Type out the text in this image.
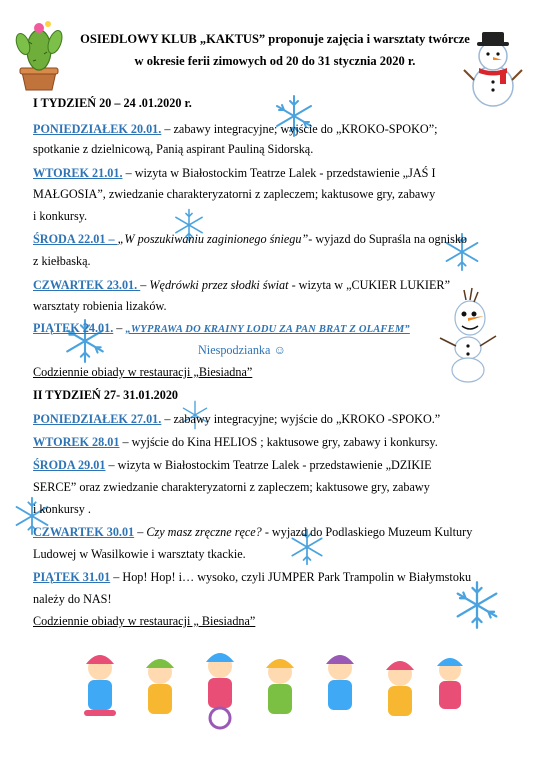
OSIEDLOWY KLUB „KAKTUS” proponuje zajęcia i warsztaty twórcze
w okresie ferii zimowych od 20 do 31 stycznia 2020 r.
I TYDZIEŃ 20 – 24 .01.2020 r.
PONIEDZIAŁEK 20.01. – zabawy integracyjne; wyjście do „KROKO-SPOKO”;
spotkanie z dzielnicową, Panią aspirant Pauliną Sidorską.
WTOREK 21.01. – wizyta w Białostockim Teatrze Lalek - przedstawienie „JAŚ I
MAŁGOSIA”, zwiedzanie charakteryzatorni z zapleczem; kaktusowe gry, zabawy
i konkursy.
ŚRODA 22.01 – „W poszukiwaniu zaginionego śniegu”- wyjazd do Supraśla na ognisko
z kiełbaską.
CZWARTEK 23.01. – Wędrówki przez słodki świat - wizyta w „CUKIER LUKIER”
warsztaty robienia lizaków.
PIĄTEK 24.01. – „WYPRAWA DO KRAINY LODU ZA PAN BRAT Z OLAFEM”
Niespodzianka ☺
Codziennie obiady w restauracji „Biesiadna”
II TYDZIEŃ 27- 31.01.2020
PONIEDZIAŁEK 27.01. – zabawy integracyjne; wyjście do „KROKO -SPOKO.”
WTOREK 28.01 – wyjście do Kina HELIOS ; kaktusowe gry, zabawy i konkursy.
ŚRODA 29.01 – wizyta w Białostockim Teatrze Lalek - przedstawienie „DZIKIE
SERCE” oraz zwiedzanie charakteryzatorni z zapleczem; kaktusowe gry, zabawy
i konkursy .
CZWARTEK 30.01 – Czy masz zręczne ręce? - wyjazd do Podlaskiego Muzeum Kultury
Ludowej w Wasilkowie i warsztaty tkackie.
PIĄTEK 31.01 – Hop! Hop! i… wysoko, czyli JUMPER Park Trampolin w Białymstoku
należy do NAS!
Codziennie obiady w restauracji „ Biesiadna”
